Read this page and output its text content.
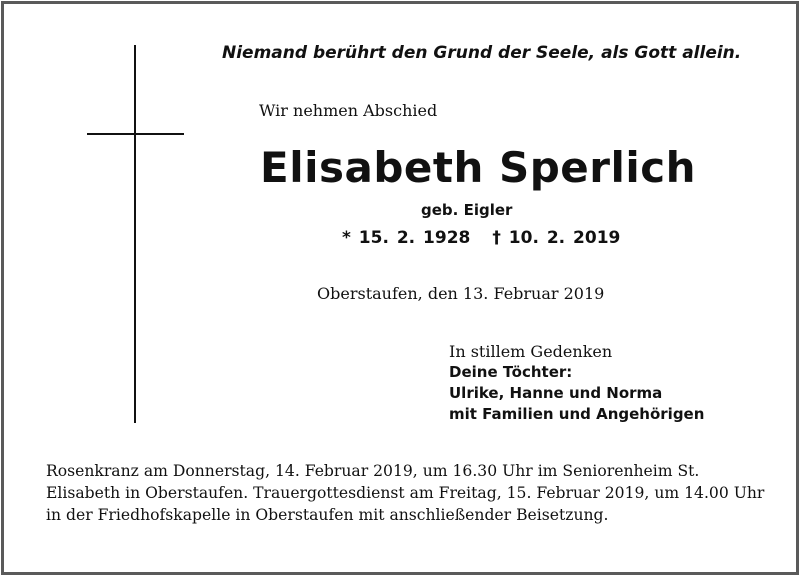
Niemand berührt den Grund der Seele, als Gott allein.
Wir nehmen Abschied
Elisabeth Sperlich
geb. Eigler
* 15. 2. 1928 † 10. 2. 2019
Oberstaufen, den 13. Februar 2019
In stillem Gedenken
Deine Töchter:
Ulrike, Hanne und Norma
mit Familien und Angehörigen
Rosenkranz am Donnerstag, 14. Februar 2019, um 16.30 Uhr im Seniorenheim St. Elisabeth in Oberstaufen. Trauergottesdienst am Freitag, 15. Februar 2019, um 14.00 Uhr in der Friedhofskapelle in Oberstaufen mit anschließender Beisetzung.
